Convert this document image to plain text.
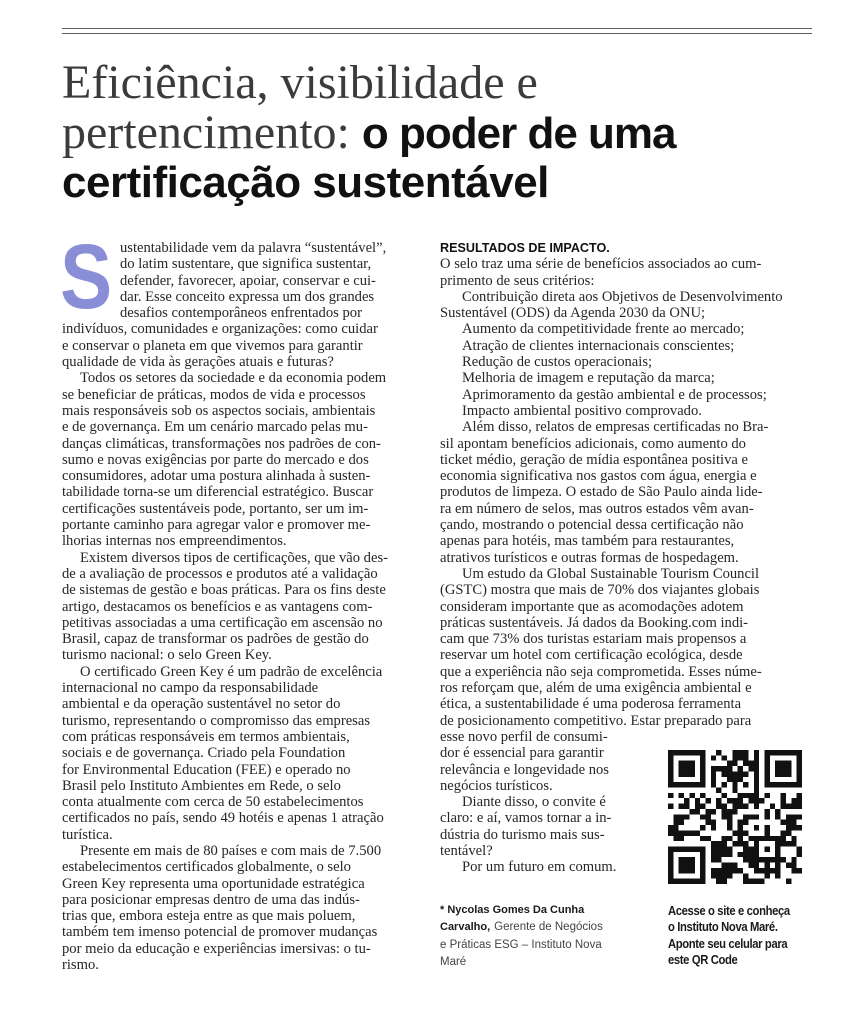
Eficiência, visibilidade e
pertencimento: o poder de uma
certificação sustentável
ustentabilidade vem da palavra “sustentável”,
do latim sustentare, que significa sustentar,
defender, favorecer, apoiar, conservar e cui-
dar. Esse conceito expressa um dos grandes
desafios contemporâneos enfrentados por
indivíduos, comunidades e organizações: como cuidar
e conservar o planeta em que vivemos para garantir
qualidade de vida às gerações atuais e futuras?
Todos os setores da sociedade e da economia podem
se beneficiar de práticas, modos de vida e processos
mais responsáveis sob os aspectos sociais, ambientais
e de governança. Em um cenário marcado pelas mu-
danças climáticas, transformações nos padrões de con-
sumo e novas exigências por parte do mercado e dos
consumidores, adotar uma postura alinhada à susten-
tabilidade torna-se um diferencial estratégico. Buscar
certificações sustentáveis pode, portanto, ser um im-
portante caminho para agregar valor e promover me-
lhorias internas nos empreendimentos.
Existem diversos tipos de certificações, que vão des-
de a avaliação de processos e produtos até a validação
de sistemas de gestão e boas práticas. Para os fins deste
artigo, destacamos os benefícios e as vantagens com-
petitivas associadas a uma certificação em ascensão no
Brasil, capaz de transformar os padrões de gestão do
turismo nacional: o selo Green Key.
O certificado Green Key é um padrão de excelência
internacional no campo da responsabilidade
ambiental e da operação sustentável no setor do
turismo, representando o compromisso das empresas
com práticas responsáveis em termos ambientais,
sociais e de governança. Criado pela Foundation
for Environmental Education (FEE) e operado no
Brasil pelo Instituto Ambientes em Rede, o selo
conta atualmente com cerca de 50 estabelecimentos
certificados no país, sendo 49 hotéis e apenas 1 atração
turística.
Presente em mais de 80 países e com mais de 7.500
estabelecimentos certificados globalmente, o selo
Green Key representa uma oportunidade estratégica
para posicionar empresas dentro de uma das indús-
trias que, embora esteja entre as que mais poluem,
também tem imenso potencial de promover mudanças
por meio da educação e experiências imersivas: o tu-
rismo.
S	RESULTADOS DE IMPACTO.
O selo traz uma série de benefícios associados ao cum-
primento de seus critérios:
Contribuição direta aos Objetivos de Desenvolvimento
Sustentável (ODS) da Agenda 2030 da ONU;
Aumento da competitividade frente ao mercado;
Atração de clientes internacionais conscientes;
Redução de custos operacionais;
Melhoria de imagem e reputação da marca;
Aprimoramento da gestão ambiental e de processos;
Impacto ambiental positivo comprovado.
Além disso, relatos de empresas certificadas no Bra-
sil apontam benefícios adicionais, como aumento do
ticket médio, geração de mídia espontânea positiva e
economia significativa nos gastos com água, energia e
produtos de limpeza. O estado de São Paulo ainda lide-
ra em número de selos, mas outros estados vêm avan-
çando, mostrando o potencial dessa certificação não
apenas para hotéis, mas também para restaurantes,
atrativos turísticos e outras formas de hospedagem.
Um estudo da Global Sustainable Tourism Council
(GSTC) mostra que mais de 70% dos viajantes globais
consideram importante que as acomodações adotem
práticas sustentáveis. Já dados da Booking.com indi-
cam que 73% dos turistas estariam mais propensos a
reservar um hotel com certificação ecológica, desde
que a experiência não seja comprometida. Esses núme-
ros reforçam que, além de uma exigência ambiental e
ética, a sustentabilidade é uma poderosa ferramenta
de posicionamento competitivo. Estar preparado para
esse novo perfil de consumi-
dor é essencial para garantir
relevância e longevidade nos
negócios turísticos.
Diante disso, o convite é
claro: e aí, vamos tornar a in-
dústria do turismo mais sus-
tentável?
Por um futuro em comum.
Acesse o site e conheça
o Instituto Nova Maré.
Aponte seu celular para
este QR Code
* Nycolas Gomes Da Cunha
Carvalho, Gerente de Negócios
e Práticas ESG – Instituto Nova
Maré
